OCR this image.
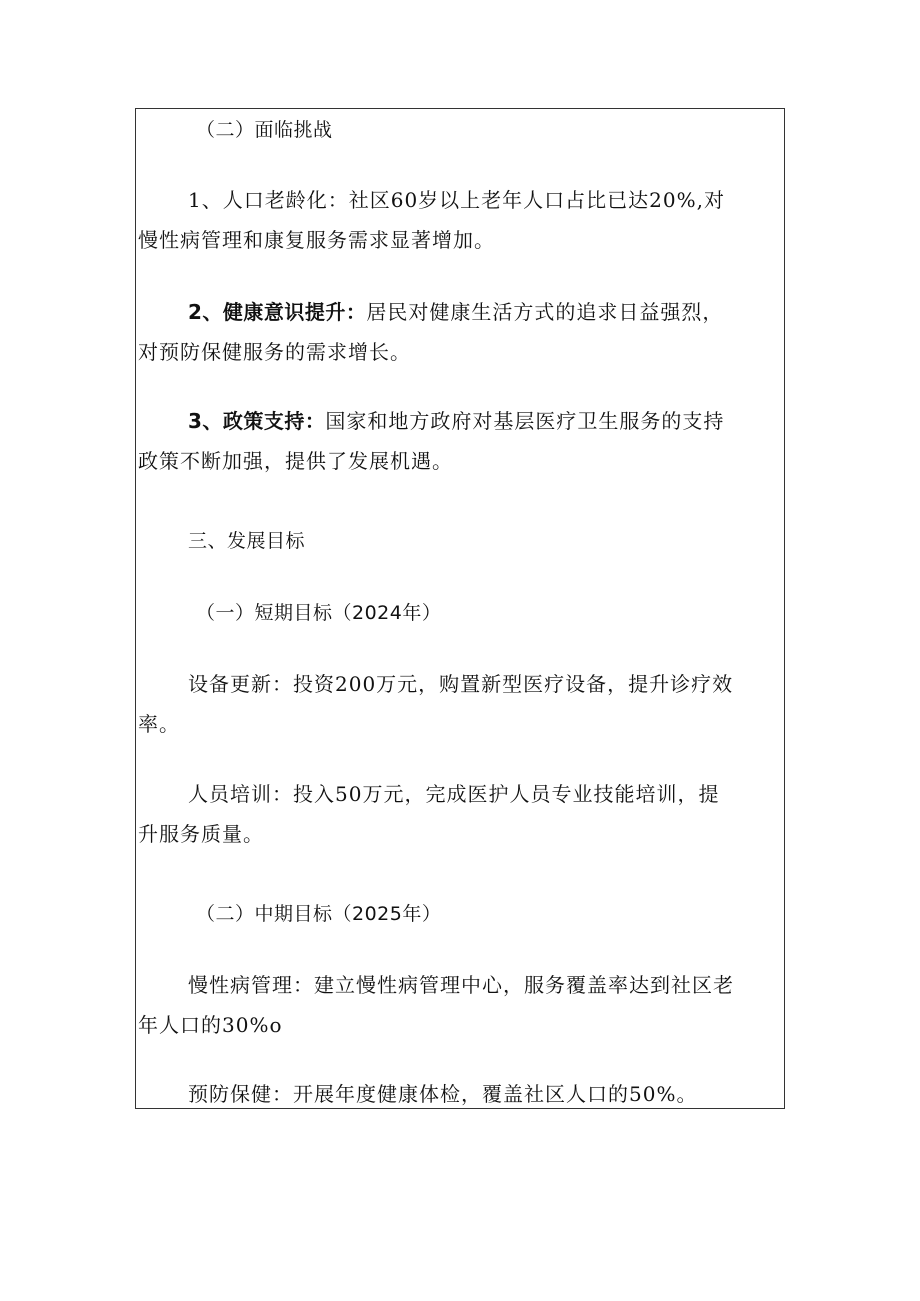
（二）面临挑战
1、人口老龄化：社区60岁以上老年人口占比已达20%,对
慢性病管理和康复服务需求显著增加。
2、健康意识提升：居民对健康生活方式的追求日益强烈，
对预防保健服务的需求增长。
3、政策支持：国家和地方政府对基层医疗卫生服务的支持
政策不断加强，提供了发展机遇。
三、发展目标
（一）短期目标（2024年）
设备更新：投资200万元，购置新型医疗设备，提升诊疗效
率。
人员培训：投入50万元，完成医护人员专业技能培训，提
升服务质量。
（二）中期目标（2025年）
慢性病管理：建立慢性病管理中心，服务覆盖率达到社区老
年人口的30%o
预防保健：开展年度健康体检，覆盖社区人口的50%。
